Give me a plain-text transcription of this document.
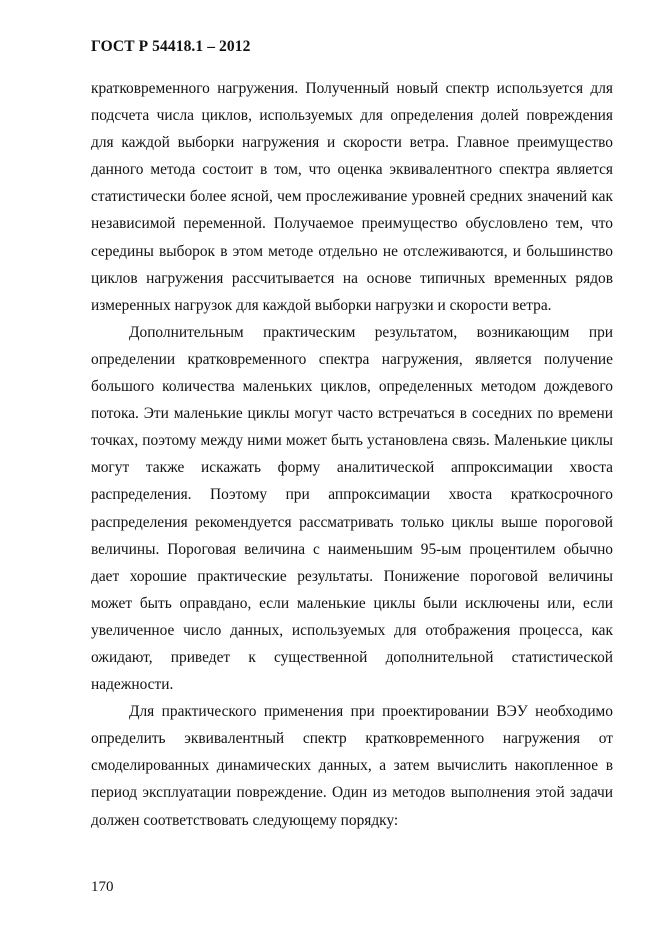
ГОСТ Р 54418.1 – 2012

кратковременного нагружения. Полученный новый спектр используется для подсчета числа циклов, используемых для определения долей повреждения для каждой выборки нагружения и скорости ветра. Главное преимущество данного метода состоит в том, что оценка эквивалентного спектра является статистически более ясной, чем прослеживание уровней средних значений как независимой переменной. Получаемое преимущество обусловлено тем, что середины выборок в этом методе отдельно не отслеживаются, и большинство циклов нагружения рассчитывается на основе типичных временных рядов измеренных нагрузок для каждой выборки нагрузки и скорости ветра.

Дополнительным практическим результатом, возникающим при определении кратковременного спектра нагружения, является получение большого количества маленьких циклов, определенных методом дождевого потока. Эти маленькие циклы могут часто встречаться в соседних по времени точках, поэтому между ними может быть установлена связь. Маленькие циклы могут также искажать форму аналитической аппроксимации хвоста распределения. Поэтому при аппроксимации хвоста краткосрочного распределения рекомендуется рассматривать только циклы выше пороговой величины. Пороговая величина с наименьшим 95-ым процентилем обычно дает хорошие практические результаты. Понижение пороговой величины может быть оправдано, если маленькие циклы были исключены или, если увеличенное число данных, используемых для отображения процесса, как ожидают, приведет к существенной дополнительной статистической надежности.

Для практического применения при проектировании ВЭУ необходимо определить эквивалентный спектр кратковременного нагружения от смоделированных динамических данных, а затем вычислить накопленное в период эксплуатации повреждение. Один из методов выполнения этой задачи должен соответствовать следующему порядку:

170
